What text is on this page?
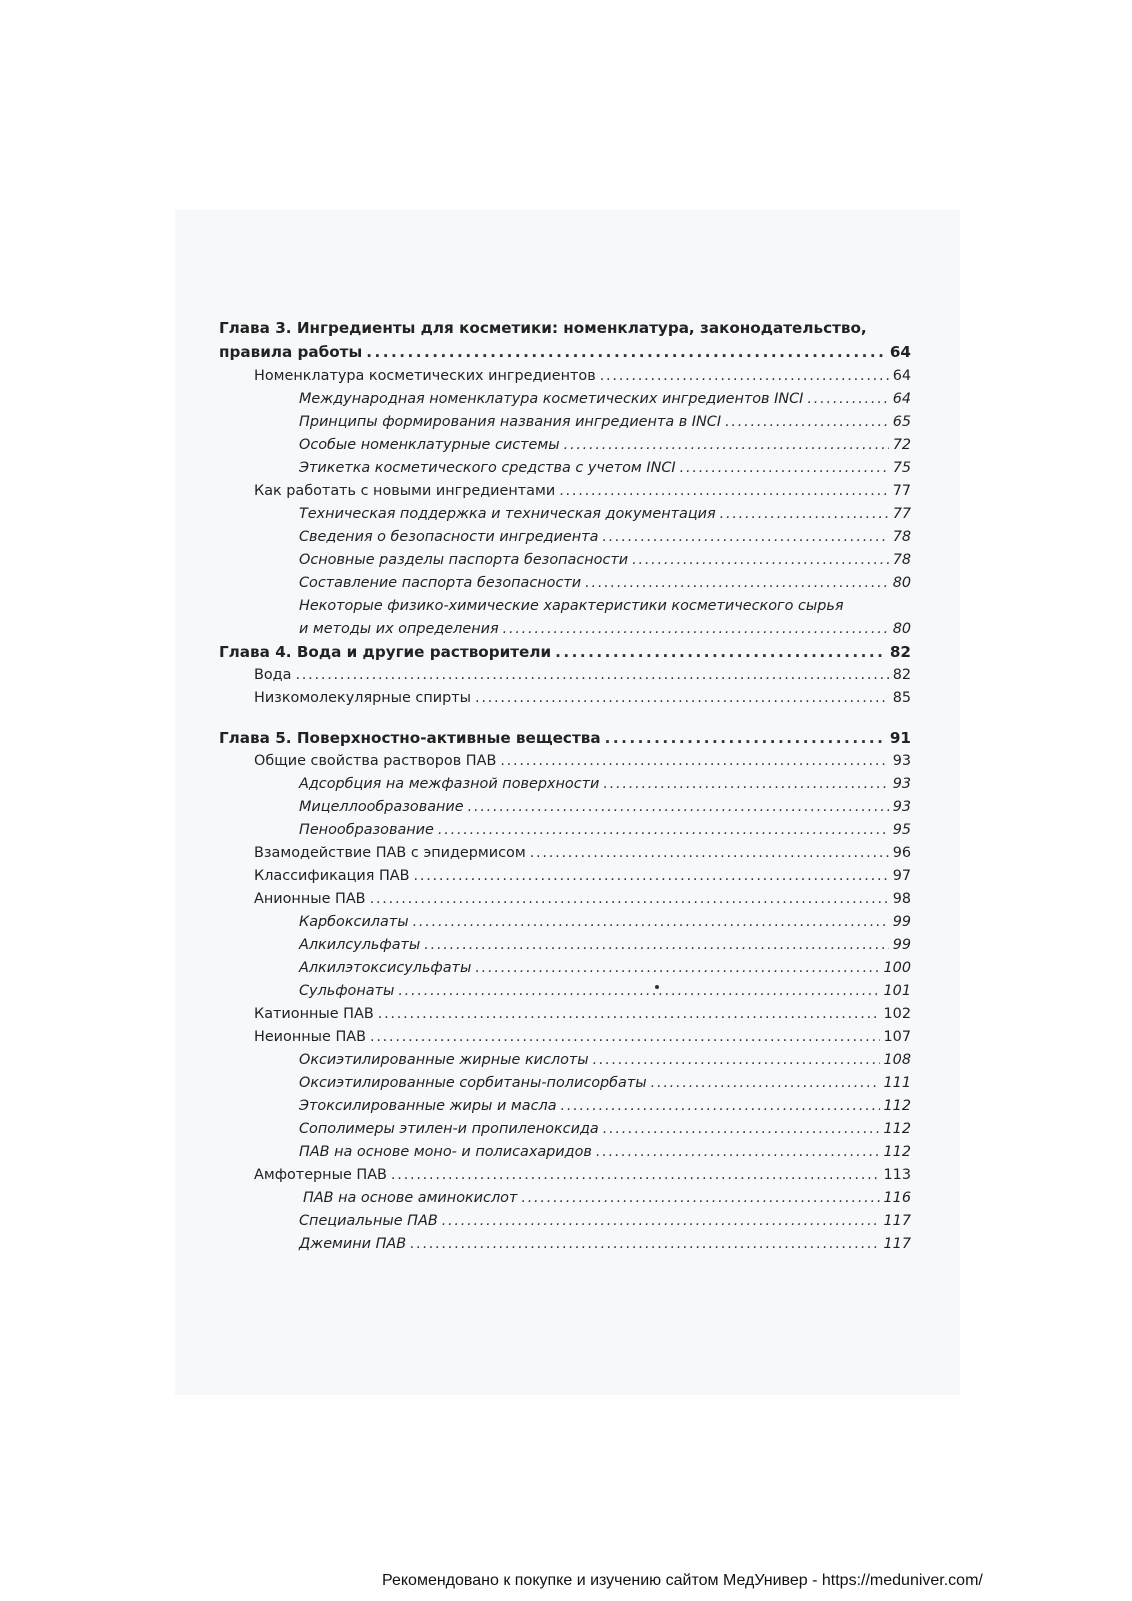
Глава 3. Ингредиенты для косметики: номенклатура, законодательство,
правила работы . . .	64
Номенклатура косметических ингредиентов . . .	64
Международная номенклатура косметических ингредиентов INCI . . .	64
Принципы формирования названия ингредиента в INCI . . .	65
Особые номенклатурные системы . . .	72
Этикетка косметического средства с учетом INCI . . .	75
Как работать с новыми ингредиентами . . .	77
Техническая поддержка и техническая документация . . .	77
Сведения о безопасности ингредиента . . .	78
Основные разделы паспорта безопасности . . .	78
Составление паспорта безопасности . . .	80
Некоторые физико-химические характеристики косметического сырья
и методы их определения . . .	80
Глава 4. Вода и другие растворители . . .	82
Вода . . .	82
Низкомолекулярные спирты . . .	85
Глава 5. Поверхностно-активные вещества . . .	91
Общие свойства растворов ПАВ . . .	93
Адсорбция на межфазной поверхности . . .	93
Мицеллообразование . . .	93
Пенообразование . . .	95
Взамодействие ПАВ с эпидермисом . . .	96
Классификация ПАВ . . .	97
Анионные ПАВ . . .	98
Карбоксилаты . . .	99
Алкилсульфаты . . .	99
Алкилэтоксисульфаты . . .	100
Сульфонаты . . .	101
Катионные ПАВ . . .	102
Неионные ПАВ . . .	107
Оксиэтилированные жирные кислоты . . .	108
Оксиэтилированные сорбитаны-полисорбаты . . .	111
Этоксилированные жиры и масла . . .	112
Сополимеры этилен-и пропиленоксида . . .	112
ПАВ на основе моно- и полисахаридов . . .	112
Амфотерные ПАВ . . .	113
ПАВ на основе аминокислот . . .	116
Специальные ПАВ . . .	117
Джемини ПАВ . . .	117
Рекомендовано к покупке и изучению сайтом МедУнивер - https://meduniver.com/
